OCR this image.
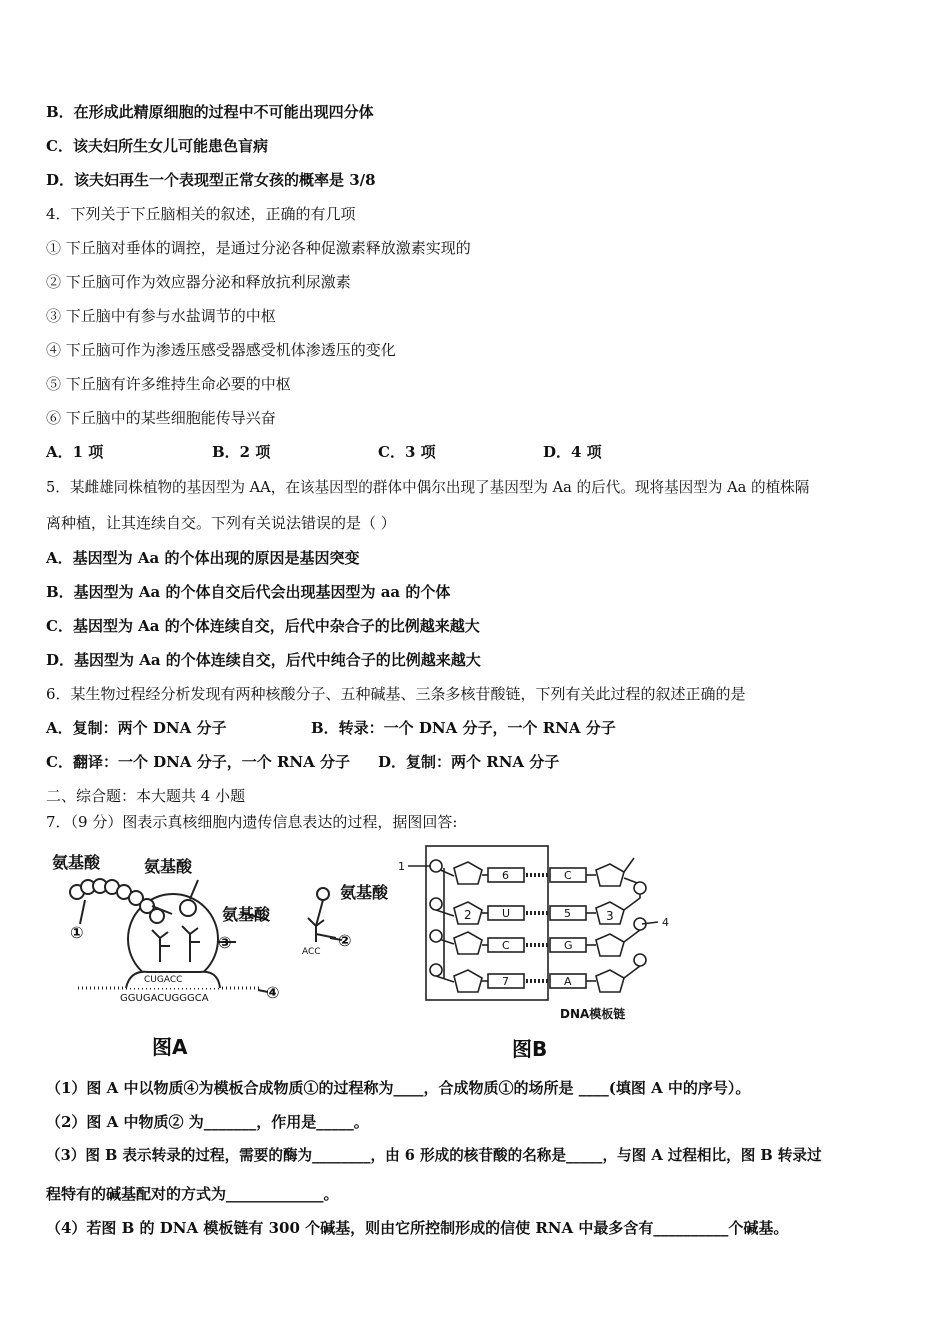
B．在形成此精原细胞的过程中不可能出现四分体
C．该夫妇所生女儿可能患色盲病
D．该夫妇再生一个表现型正常女孩的概率是 3/8
4．下列关于下丘脑相关的叙述，正确的有几项
① 下丘脑对垂体的调控，是通过分泌各种促激素释放激素实现的
② 下丘脑可作为效应器分泌和释放抗利尿激素
③ 下丘脑中有参与水盐调节的中枢
④ 下丘脑可作为渗透压感受器感受机体渗透压的变化
⑤ 下丘脑有许多维持生命必要的中枢
⑥ 下丘脑中的某些细胞能传导兴奋
A．1 项	B．2 项	C．3 项	D．4 项
5．某雌雄同株植物的基因型为 AA，在该基因型的群体中偶尔出现了基因型为 Aa 的后代。现将基因型为 Aa 的植株隔
离种植，让其连续自交。下列有关说法错误的是（ ）
A．基因型为 Aa 的个体出现的原因是基因突变
B．基因型为 Aa 的个体自交后代会出现基因型为 aa 的个体
C．基因型为 Aa 的个体连续自交，后代中杂合子的比例越来越大
D．基因型为 Aa 的个体连续自交，后代中纯合子的比例越来越大
6．某生物过程经分析发现有两种核酸分子、五种碱基、三条多核苷酸链，下列有关此过程的叙述正确的是
A．复制：两个 DNA 分子	B．转录：一个 DNA 分子，一个 RNA 分子
C．翻译：一个 DNA 分子，一个 RNA 分子 D．复制：两个 RNA 分子
二、综合题：本大题共 4 小题
7．（9 分）图表示真核细胞内遗传信息表达的过程，据图回答:
氨基酸	氨基酸
氨基酸
氨基酸
①	②
③
④
CUGACC
GGUGACUGGGCA
ACC
图A
1
4
2	3
6
U
C
7
C
5
G
A
DNA模板链
图B
（1）图 A 中以物质④为模板合成物质①的过程称为____，合成物质①的场所是 ____(填图 A 中的序号）。
（2）图 A 中物质② 为_______，作用是_____。
（3）图 B 表示转录的过程，需要的酶为________，由 6 形成的核苷酸的名称是_____，与图 A 过程相比，图 B 转录过
程特有的碱基配对的方式为_____________。
（4）若图 B 的 DNA 模板链有 300 个碱基，则由它所控制形成的信使 RNA 中最多含有__________个碱基。
